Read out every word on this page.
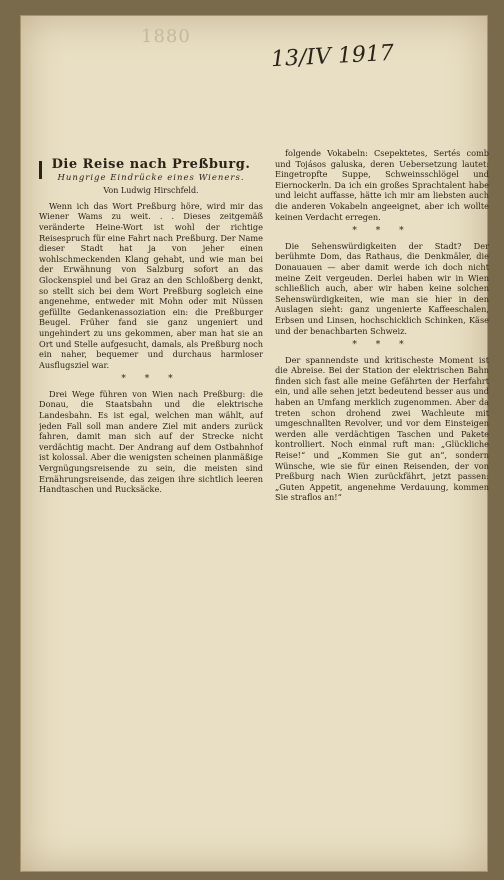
1880
13/IV 1917
Die Reise nach Preßburg.
Hungrige Eindrücke eines Wieners.
Von Ludwig Hirschfeld.

Wenn ich das Wort Preßburg höre, wird mir das Wiener Wams zu weit. . . Dieses zeitgemäß veränderte Heine-Wort ist wohl der richtige Reisespruch für eine Fahrt nach Preßburg. Der Name dieser Stadt hat ja von jeher einen wohlschmeckenden Klang gehabt, und wie man bei der Erwähnung von Salzburg sofort an das Glockenspiel und bei Graz an den Schloßberg denkt, so stellt sich bei dem Wort Preßburg sogleich eine angenehme, entweder mit Mohn oder mit Nüssen gefüllte Gedankenassoziation ein: die Preßburger Beugel. Früher fand sie ganz ungeniert und ungehindert zu uns gekommen, aber man hat sie an Ort und Stelle aufgesucht, damals, als Preßburg noch ein naher, bequemer und durchaus harmloser Ausflugsziel war.

* * *

Drei Wege führen von Wien nach Preßburg: die Donau, die Staatsbahn und die elektrische Landesbahn. Es ist egal, welchen man wählt, auf jeden Fall soll man andere Ziel mit anders zurück fahren, damit man sich auf der Strecke nicht verdächtig macht. Der Andrang auf dem Ostbahnhof ist kolossal. Aber die wenigsten scheinen planmäßige Vergnügungsreisende zu sein, die meisten sind Ernährungsreisende, das zeigen ihre sichtlich leeren Handtaschen und Rucksäcke.

folgende Vokabeln: Csepektetes, Sertés comb und Tojásos galuska, deren Uebersetzung lautet: Eingetropfte Suppe, Schweinsschlögel und Eiernockerln. Da ich ein großes Sprachtalent habe und leicht auffasse, hätte ich mir am liebsten auch die anderen Vokabeln angeeignet, aber ich wollte keinen Verdacht erregen.

* * *

Die Sehenswürdigkeiten der Stadt? Der berühmte Dom, das Rathaus, die Denkmäler, die Donauauen — aber damit werde ich doch nicht meine Zeit vergeuden. Derlei haben wir in Wien schließlich auch, aber wir haben keine solchen Sehenswürdigkeiten, wie man sie hier in den Auslagen sieht: ganz ungenierte Kaffeeschalen, Erbsen und Linsen, hochschicklich Schinken, Käse und der benachbarten Schweiz.

* * *

Der spannendste und kritischeste Moment ist die Abreise. Bei der Station der elektrischen Bahn finden sich fast alle meine Gefährten der Herfahrt ein, und alle sehen jetzt bedeutend besser aus und haben an Umfang merklich zugenommen. Aber da treten schon drohend zwei Wachleute mit umgeschnallten Revolver, und vor dem Einsteigen werden alle verdächtigen Taschen und Pakete kontrolliert. Noch einmal ruft man: „Glückliche Reise!“ und „Kommen Sie gut an“, sondern Wünsche, wie sie für einen Reisenden, der von Preßburg nach Wien zurückfährt, jetzt passen: „Guten Appetit, angenehme Verdauung, kommen Sie straflos an!“
